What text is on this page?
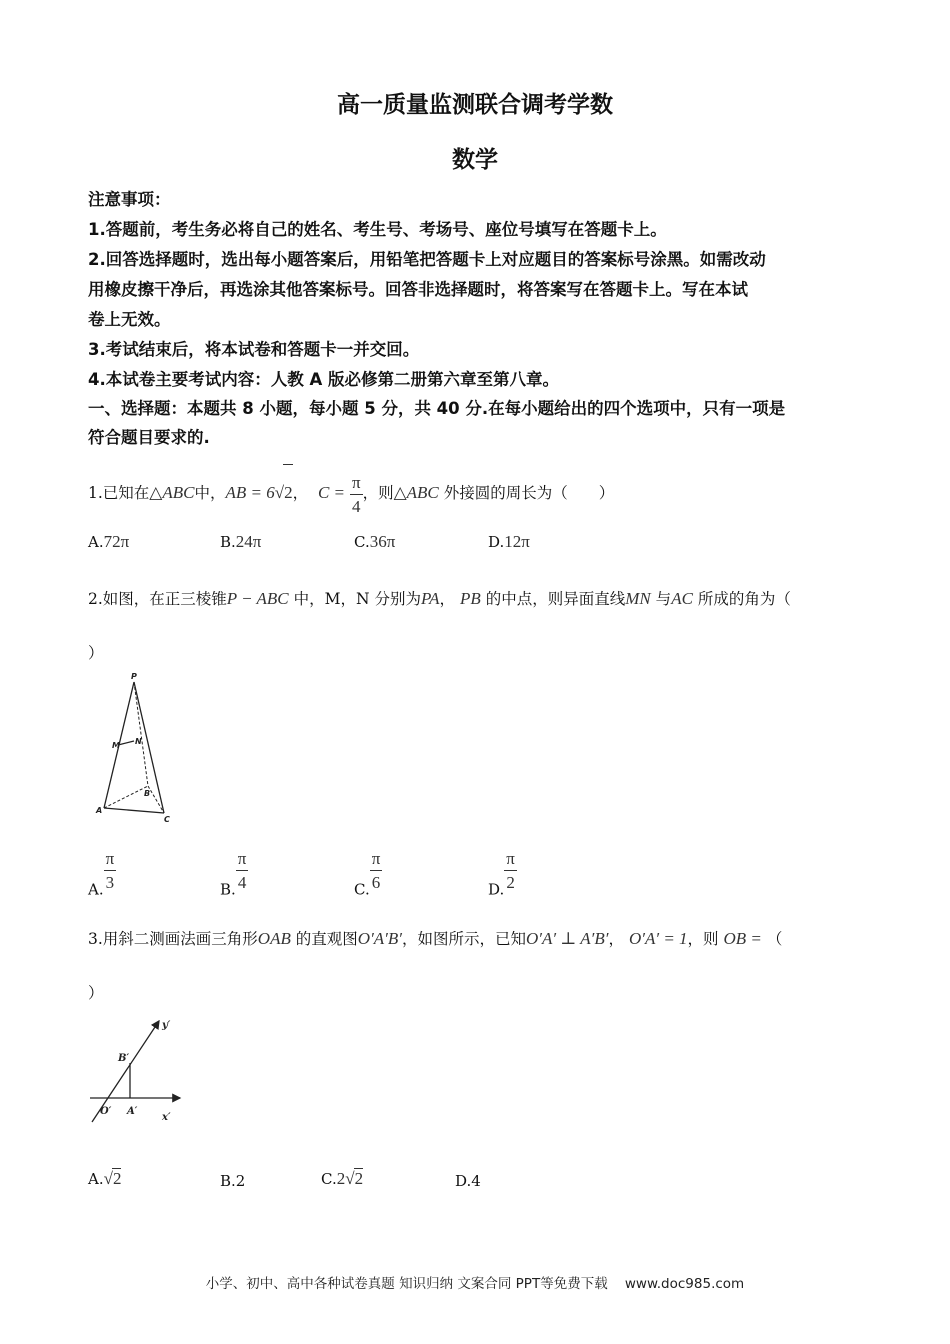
高一质量监测联合调考学数
数学
注意事项：
1.答题前，考生务必将自己的姓名、考生号、考场号、座位号填写在答题卡上。
2.回答选择题时，选出每小题答案后，用铅笔把答题卡上对应题目的答案标号涂黑。如需改动
用橡皮擦干净后，再选涂其他答案标号。回答非选择题时，将答案写在答题卡上。写在本试
卷上无效。
3.考试结束后，将本试卷和答题卡一并交回。
4.本试卷主要考试内容：人教 A 版必修第二册第六章至第八章。
一、选择题：本题共 8 小题，每小题 5 分，共 40 分.在每小题给出的四个选项中，只有一项是
符合题目要求的.
1.已知在△ABC中，AB = 6√2， $C = \frac{\pi}{4}$ ，则△ABC 外接圆的周长为（　　）
A.72π	B.24π	C.36π	D.12π
2.如图，在正三棱锥P − ABC 中，M，N 分别为PA， PB 的中点，则异面直线MN 与AC 所成的角为（
）
P
M N
A
B
C
A. $\frac{\pi}{3}$	B. $\frac{\pi}{4}$	C. $\frac{\pi}{6}$	D. $\frac{\pi}{2}$
3.用斜二测画法画三角形OAB 的直观图O′A′B′，如图所示，已知O′A′ ⊥ A′B′， O′A′ = 1，则 OB = （
）
y′
B′
O′ A′
x′
A.√2	B.2	C.2√2	D.4
小学、初中、高中各种试卷真题 知识归纳 文案合同 PPT等免费下载 www.doc985.com
